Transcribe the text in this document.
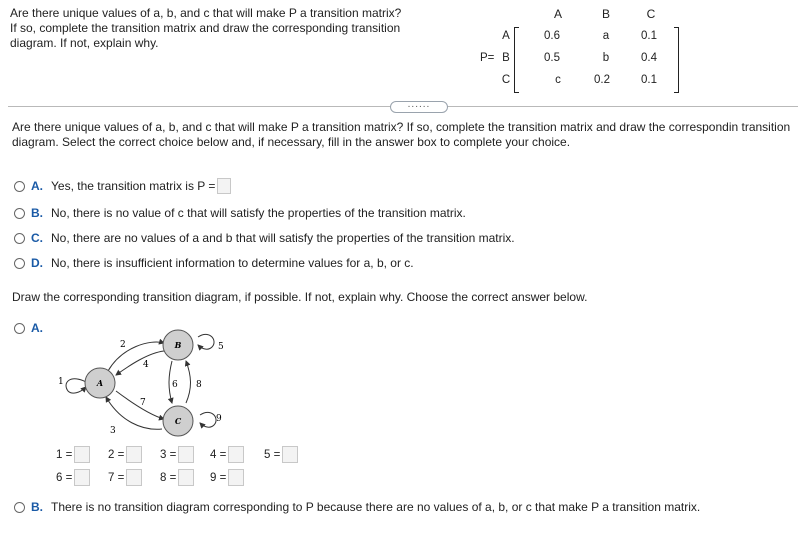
Are there unique values of a, b, and c that will make P a transition matrix? If so, complete the transition matrix and draw the corresponding transition diagram. If not, explain why.
A	B	C
P=
A
B
C
0.6	a	0.1
0.5	b	0.4
c	0.2	0.1
......
Are there unique values of a, b, and c that will make P a transition matrix? If so, complete the transition matrix and draw the correspondin transition diagram. Select the correct choice below and, if necessary, fill in the answer box to complete your choice.
A. Yes, the transition matrix is P =
B. No, there is no value of c that will satisfy the properties of the transition matrix.
C. No, there are no values of a and b that will satisfy the properties of the transition matrix.
D. No, there is insufficient information to determine values for a, b, or c.
Draw the corresponding transition diagram, if possible. If not, explain why. Choose the correct answer below.
A.
A
B
C
1
2
3
4
5
6
7
8
9
1 =	2 =	3 =	4 =	5 =
6 =	7 =	8 =	9 =
B. There is no transition diagram corresponding to P because there are no values of a, b, or c that make P a transition matrix.
